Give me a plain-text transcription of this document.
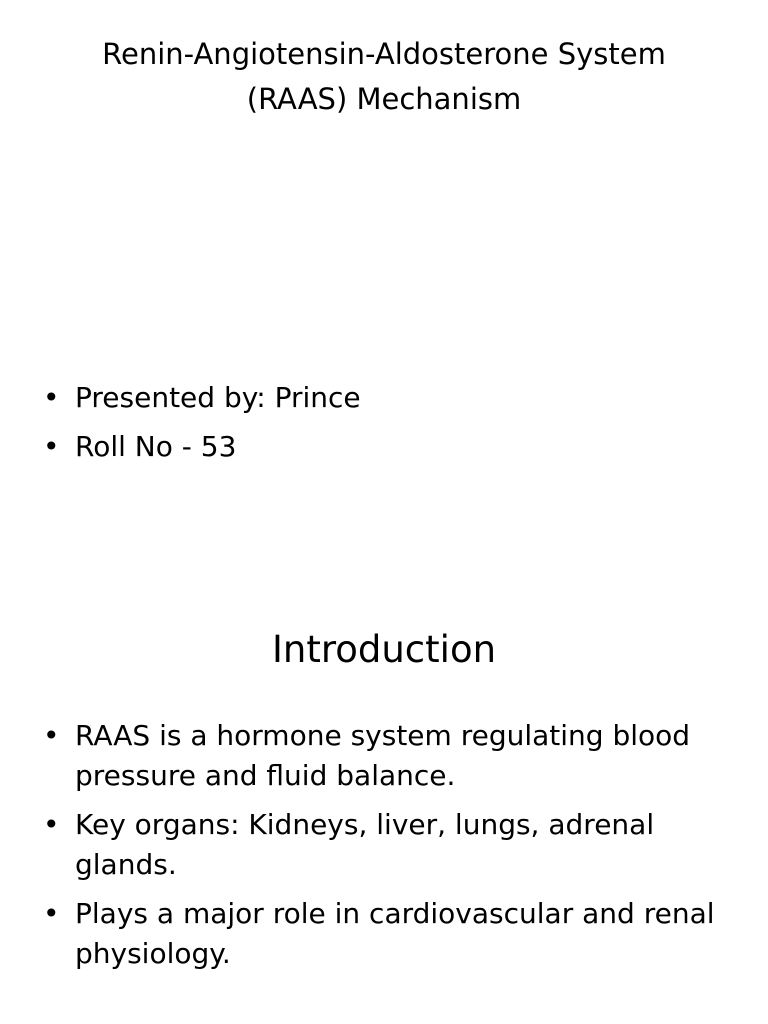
Renin-Angiotensin-Aldosterone System
(RAAS) Mechanism
• Presented by: Prince
• Roll No - 53
Introduction
• RAAS is a hormone system regulating blood pressure and fluid balance.
• Key organs: Kidneys, liver, lungs, adrenal glands.
• Plays a major role in cardiovascular and renal physiology.
